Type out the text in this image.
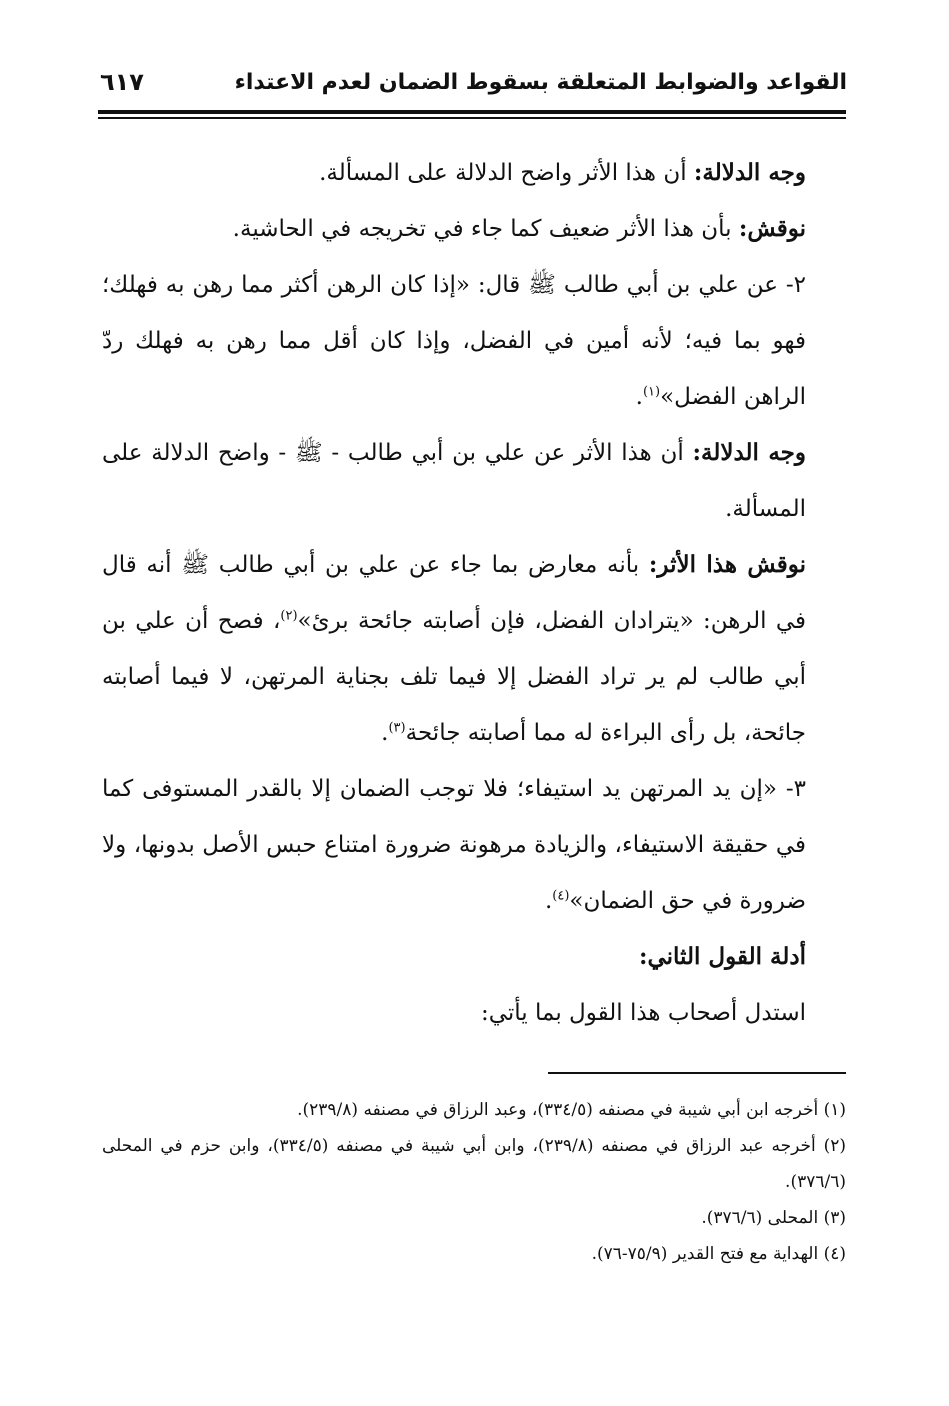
القواعد والضوابط المتعلقة بسقوط الضمان لعدم الاعتداء
٦١٧

وجه الدلالة: أن هذا الأثر واضح الدلالة على المسألة.

نوقش: بأن هذا الأثر ضعيف كما جاء في تخريجه في الحاشية.

٢- عن علي بن أبي طالب ﷺ قال: «إذا كان الرهن أكثر مما رهن به فهلك؛ فهو بما فيه؛ لأنه أمين في الفضل، وإذا كان أقل مما رهن به فهلك ردّ الراهن الفضل»$^{(١)}$.

وجه الدلالة: أن هذا الأثر عن علي بن أبي طالب - ﷺ - واضح الدلالة على المسألة.

نوقش هذا الأثر: بأنه معارض بما جاء عن علي بن أبي طالب ﷺ أنه قال في الرهن: «يترادان الفضل، فإن أصابته جائحة برئ»$^{(٢)}$، فصح أن علي بن أبي طالب لم ير تراد الفضل إلا فيما تلف بجناية المرتهن، لا فيما أصابته جائحة، بل رأى البراءة له مما أصابته جائحة$^{(٣)}$.

٣- «إن يد المرتهن يد استيفاء؛ فلا توجب الضمان إلا بالقدر المستوفى كما في حقيقة الاستيفاء، والزيادة مرهونة ضرورة امتناع حبس الأصل بدونها، ولا ضرورة في حق الضمان»$^{(٤)}$.

أدلة القول الثاني:

استدل أصحاب هذا القول بما يأتي:

(١) أخرجه ابن أبي شيبة في مصنفه (٣٣٤/٥)، وعبد الرزاق في مصنفه (٢٣٩/٨).

(٢) أخرجه عبد الرزاق في مصنفه (٢٣٩/٨)، وابن أبي شيبة في مصنفه (٣٣٤/٥)، وابن حزم في المحلى (٣٧٦/٦).

(٣) المحلى (٣٧٦/٦).

(٤) الهداية مع فتح القدير (٧٥/٩-٧٦).
